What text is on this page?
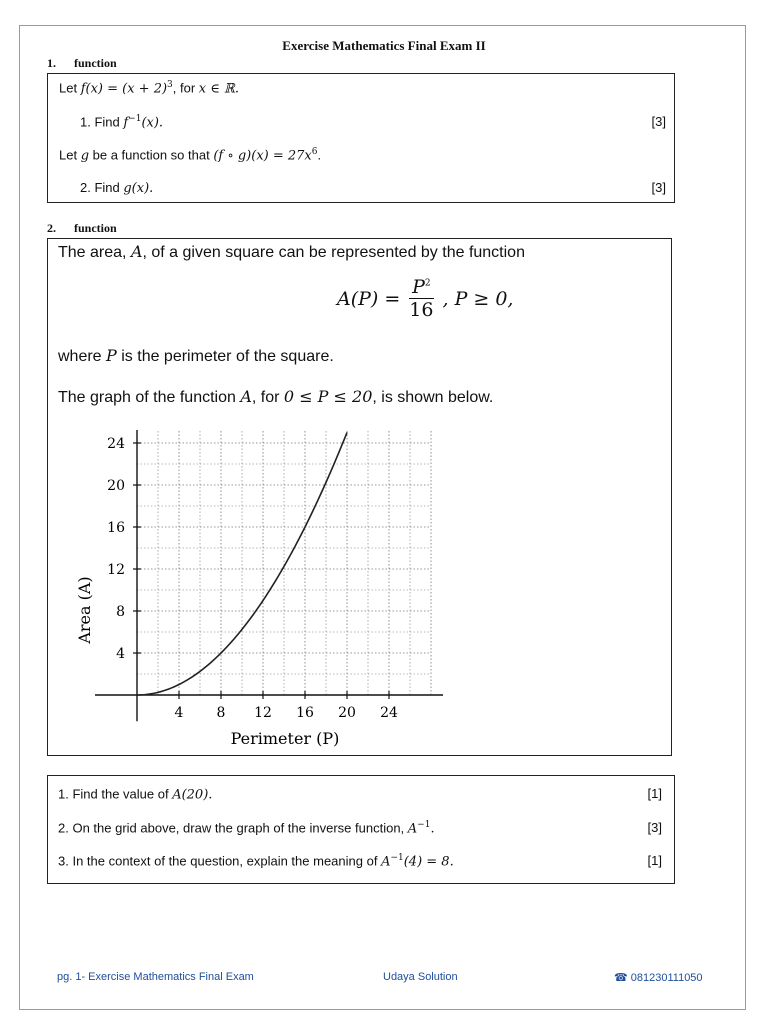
Exercise Mathematics Final Exam II
1. function
Let $f(x) = (x + 2)^3$, for x ∈ ℝ.
1. Find $f^{-1}(x)$.	[3]
Let g be a function so that (f ∘ $g)(x) = 27x^6$.
2. Find g(x).	[3]
2. function
The area, A, of a given square can be represented by the function
where P is the perimeter of the square.
The graph of the function A, for 0 ≤ P ≤ 20, is shown below.
$A(P) = \frac{P^2}{16}$ , P ≥ 0,
4 8 12 16 20 24
4
8
12
16
20
24
Perimeter (P)
Area (A)
1. Find the value of A(20).	[1]
2. On the grid above, draw the graph of the inverse function, $A^{-1}$.	[3]
3. In the context of the question, explain the meaning of $A^{-1}(4) = 8$.	[1]
pg. 1- Exercise Mathematics Final Exam	Udaya Solution	☎ 081230111050
